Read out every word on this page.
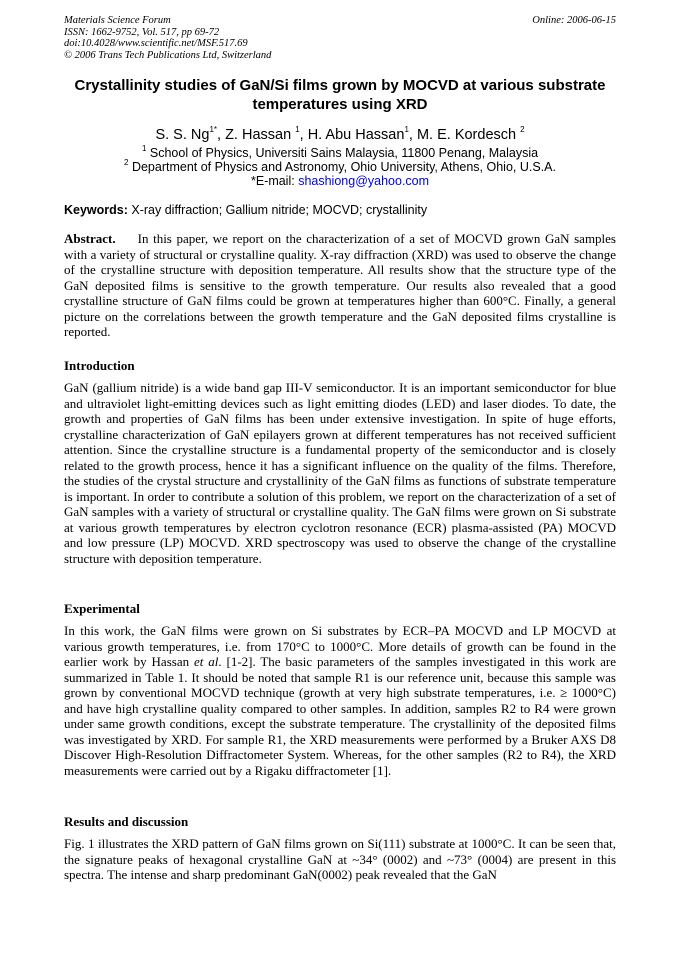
Materials Science Forum
ISSN: 1662-9752, Vol. 517, pp 69-72
doi:10.4028/www.scientific.net/MSF.517.69
© 2006 Trans Tech Publications Ltd, Switzerland
Online: 2006-06-15
Crystallinity studies of GaN/Si films grown by MOCVD at various substrate temperatures using XRD
S. S. $Ng^{1*}$, Z. Hassan $^1$, H. Abu Hassan$^1$, M. E. Kordesch $^2$
$^1$ School of Physics, Universiti Sains Malaysia, 11800 Penang, Malaysia
$^2$ Department of Physics and Astronomy, Ohio University, Athens, Ohio, U.S.A.
*E-mail: shashiong@yahoo.com
Keywords: X-ray diffraction; Gallium nitride; MOCVD; crystallinity
Abstract. In this paper, we report on the characterization of a set of MOCVD grown GaN samples with a variety of structural or crystalline quality. X-ray diffraction (XRD) was used to observe the change of the crystalline structure with deposition temperature. All results show that the structure type of the GaN deposited films is sensitive to the growth temperature. Our results also revealed that a good crystalline structure of GaN films could be grown at temperatures higher than 600°C. Finally, a general picture on the correlations between the growth temperature and the GaN deposited films crystalline is reported.
Introduction
GaN (gallium nitride) is a wide band gap III-V semiconductor. It is an important semiconductor for blue and ultraviolet light-emitting devices such as light emitting diodes (LED) and laser diodes. To date, the growth and properties of GaN films has been under extensive investigation. In spite of huge efforts, crystalline characterization of GaN epilayers grown at different temperatures has not received sufficient attention. Since the crystalline structure is a fundamental property of the semiconductor and is closely related to the growth process, hence it has a significant influence on the quality of the films. Therefore, the studies of the crystal structure and crystallinity of the GaN films as functions of substrate temperature is important. In order to contribute a solution of this problem, we report on the characterization of a set of GaN samples with a variety of structural or crystalline quality. The GaN films were grown on Si substrate at various growth temperatures by electron cyclotron resonance (ECR) plasma-assisted (PA) MOCVD and low pressure (LP) MOCVD. XRD spectroscopy was used to observe the change of the crystalline structure with deposition temperature.
Experimental
In this work, the GaN films were grown on Si substrates by ECR–PA MOCVD and LP MOCVD at various growth temperatures, i.e. from 170°C to 1000°C. More details of growth can be found in the earlier work by Hassan et al. [1-2]. The basic parameters of the samples investigated in this work are summarized in Table 1. It should be noted that sample R1 is our reference unit, because this sample was grown by conventional MOCVD technique (growth at very high substrate temperatures, i.e. ≥ 1000°C) and have high crystalline quality compared to other samples. In addition, samples R2 to R4 were grown under same growth conditions, except the substrate temperature. The crystallinity of the deposited films was investigated by XRD. For sample R1, the XRD measurements were performed by a Bruker AXS D8 Discover High-Resolution Diffractometer System. Whereas, for the other samples (R2 to R4), the XRD measurements were carried out by a Rigaku diffractometer [1].
Results and discussion
Fig. 1 illustrates the XRD pattern of GaN films grown on Si(111) substrate at 1000°C. It can be seen that, the signature peaks of hexagonal crystalline GaN at ~34° (0002) and ~73° (0004) are present in this spectra. The intense and sharp predominant GaN(0002) peak revealed that the GaN
